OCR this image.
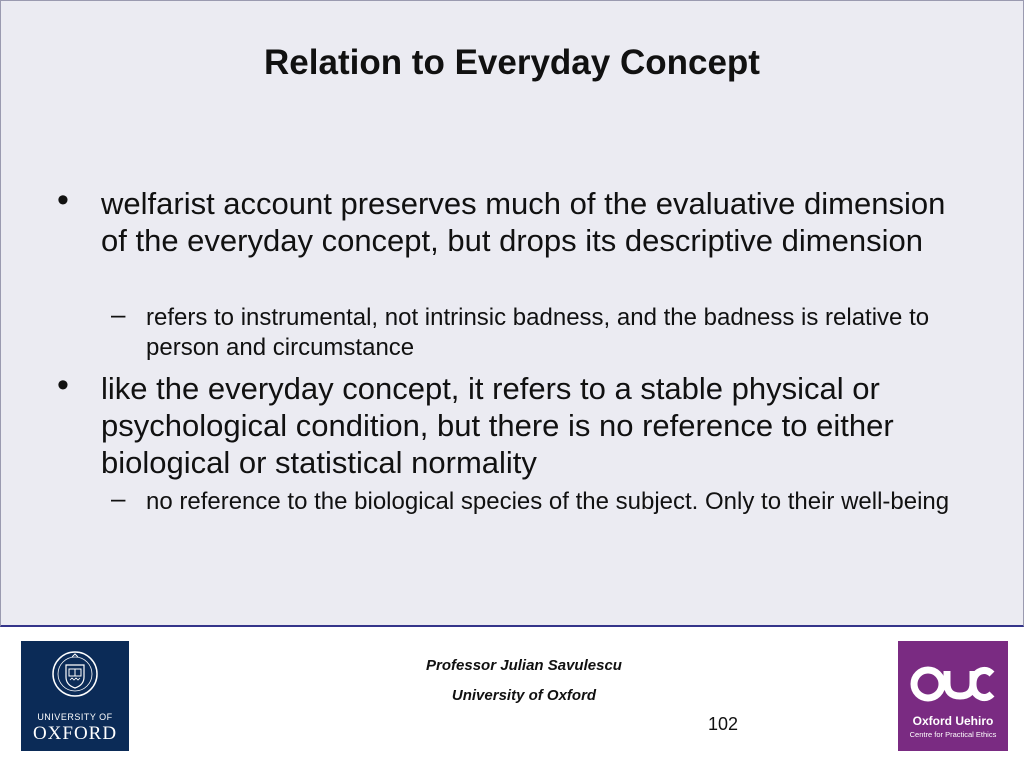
Relation to Everyday Concept
• welfarist account preserves much of the evaluative dimension of the everyday concept, but drops its descriptive dimension
– refers to instrumental, not intrinsic badness, and the badness is relative to person and circumstance
• like the everyday concept, it refers to a stable physical or psychological condition, but there is no reference to either biological or statistical normality
– no reference to the biological species of the subject. Only to their well-being
UNIVERSITY OF
OXFORD
Professor Julian Savulescu
University of Oxford
102	Oxford Uehiro
Centre for Practical Ethics
